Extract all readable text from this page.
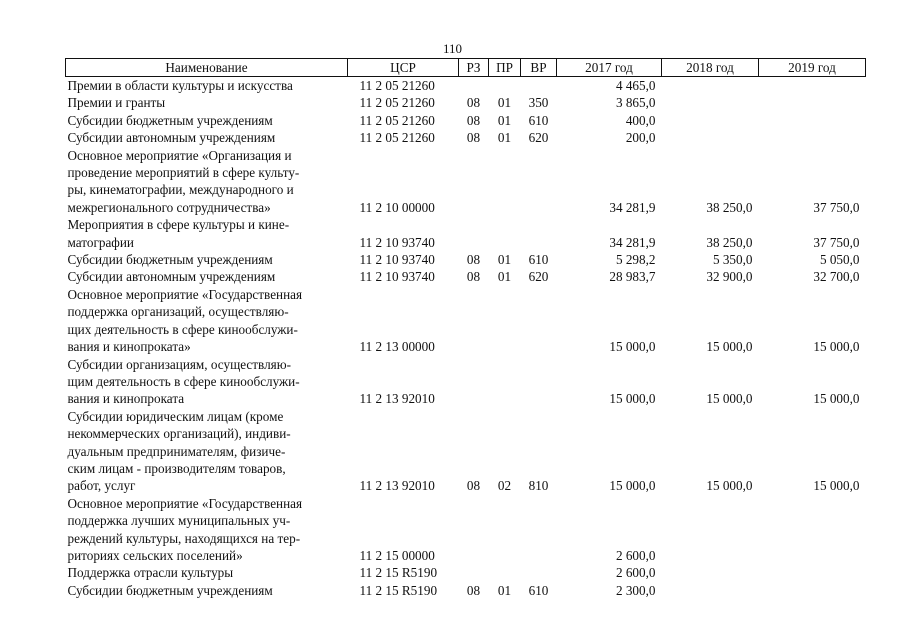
110
Наименование	ЦСР	РЗ	ПР	ВР	2017 год	2018 год	2019 год
Премии в области культуры и искусства	11 2 05 21260				4 465,0		
Премии и гранты	11 2 05 21260	08	01	350	3 865,0		
Субсидии бюджетным учреждениям	11 2 05 21260	08	01	610	400,0		
Субсидии автономным учреждениям	11 2 05 21260	08	01	620	200,0		
Основное мероприятие «Организация и
проведение мероприятий в сфере культу-
ры, кинематографии, международного и
межрегионального сотрудничества»	11 2 10 00000				34 281,9	38 250,0	37 750,0
Мероприятия в сфере культуры и кине-
матографии	11 2 10 93740				34 281,9	38 250,0	37 750,0
Субсидии бюджетным учреждениям	11 2 10 93740	08	01	610	5 298,2	5 350,0	5 050,0
Субсидии автономным учреждениям	11 2 10 93740	08	01	620	28 983,7	32 900,0	32 700,0
Основное мероприятие «Государственная
поддержка организаций, осуществляю-
щих деятельность в сфере кинообслужи-
вания и кинопроката»	11 2 13 00000				15 000,0	15 000,0	15 000,0
Субсидии организациям, осуществляю-
щим деятельность в сфере кинообслужи-
вания и кинопроката	11 2 13 92010				15 000,0	15 000,0	15 000,0
Субсидии юридическим лицам (кроме
некоммерческих организаций), индиви-
дуальным предпринимателям, физиче-
ским лицам - производителям товаров,
работ, услуг	11 2 13 92010	08	02	810	15 000,0	15 000,0	15 000,0
Основное мероприятие «Государственная
поддержка лучших муниципальных уч-
реждений культуры, находящихся на тер-
риториях сельских поселений»	11 2 15 00000				2 600,0		
Поддержка отрасли культуры	11 2 15 R5190				2 600,0		
Субсидии бюджетным учреждениям	11 2 15 R5190	08	01	610	2 300,0		
